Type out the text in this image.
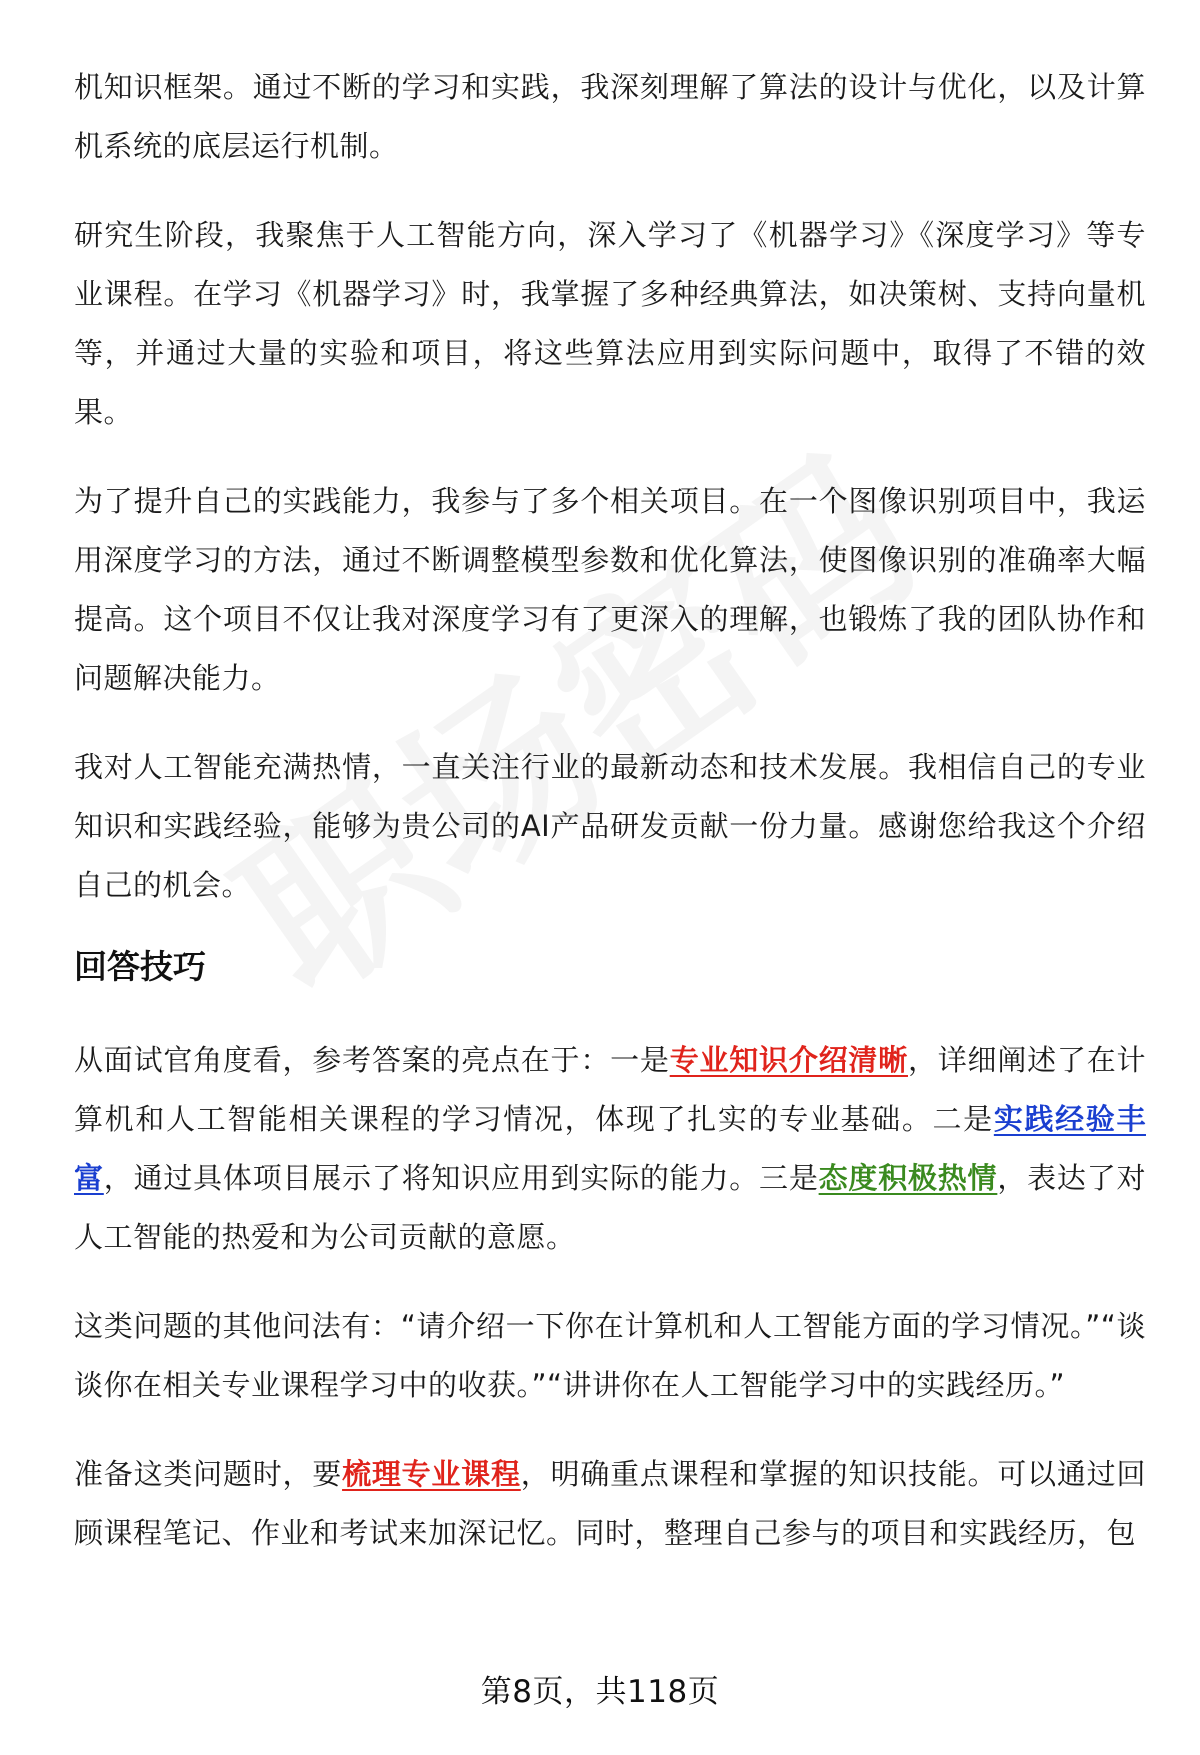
机知识框架。通过不断的学习和实践，我深刻理解了算法的设计与优化，以及计算机系统的底层运行机制。

研究生阶段，我聚焦于人工智能方向，深入学习了《机器学习》《深度学习》等专业课程。在学习《机器学习》时，我掌握了多种经典算法，如决策树、支持向量机等，并通过大量的实验和项目，将这些算法应用到实际问题中，取得了不错的效果。

为了提升自己的实践能力，我参与了多个相关项目。在一个图像识别项目中，我运用深度学习的方法，通过不断调整模型参数和优化算法，使图像识别的准确率大幅提高。这个项目不仅让我对深度学习有了更深入的理解，也锻炼了我的团队协作和问题解决能力。

我对人工智能充满热情，一直关注行业的最新动态和技术发展。我相信自己的专业知识和实践经验，能够为贵公司的AI产品研发贡献一份力量。感谢您给我这个介绍自己的机会。

回答技巧

从面试官角度看，参考答案的亮点在于：一是专业知识介绍清晰，详细阐述了在计算机和人工智能相关课程的学习情况，体现了扎实的专业基础。二是实践经验丰富，通过具体项目展示了将知识应用到实际的能力。三是态度积极热情，表达了对人工智能的热爱和为公司贡献的意愿。

这类问题的其他问法有：“请介绍一下你在计算机和人工智能方面的学习情况。”“谈谈你在相关专业课程学习中的收获。”“讲讲你在人工智能学习中的实践经历。”

准备这类问题时，要梳理专业课程，明确重点课程和掌握的知识技能。可以通过回顾课程笔记、作业和考试来加深记忆。同时，整理自己参与的项目和实践经历，包

第8页，共118页
